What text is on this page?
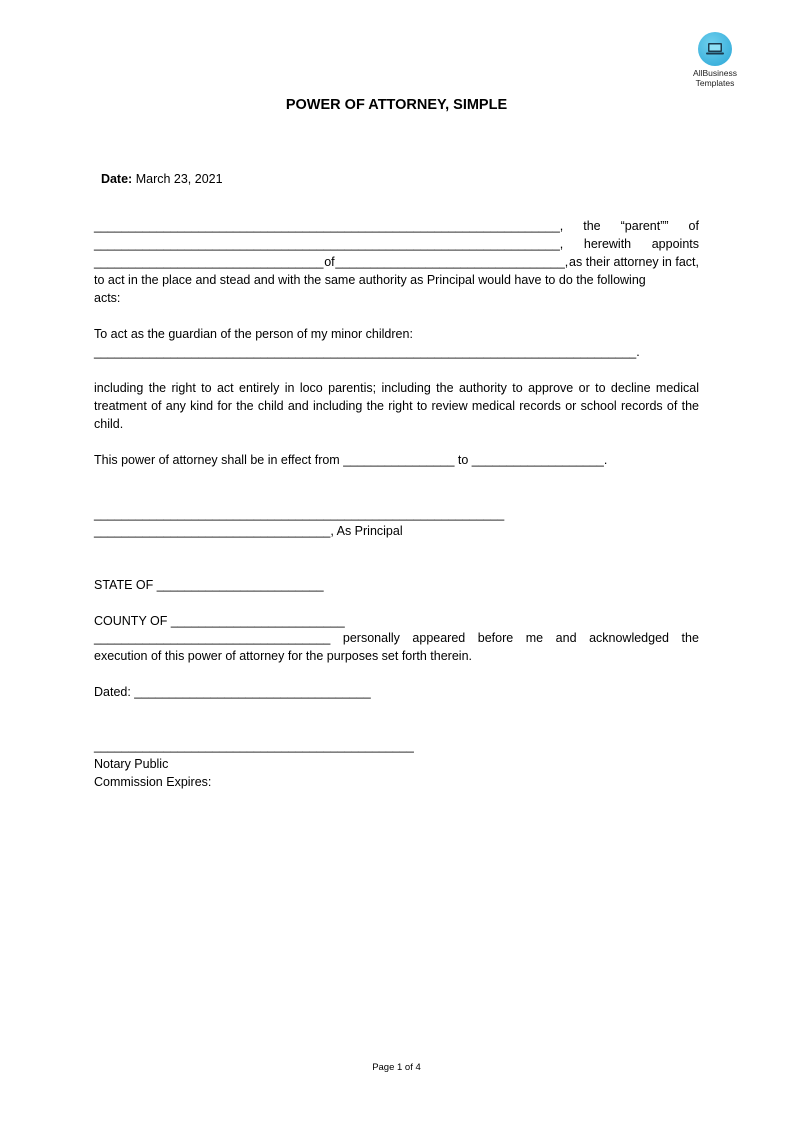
AllBusiness
Templates
POWER OF ATTORNEY, SIMPLE

Date: March 23, 2021

___________________________________________________________________, the “parent”” of
___________________________________________________________________, herewith appoints
_________________________________ of _________________________________, as their attorney in fact,
to act in the place and stead and with the same authority as Principal would have to do the following
acts:
To act as the guardian of the person of my minor children:
______________________________________________________________________________.
including the right to act entirely in loco parentis; including the authority to approve or to decline medical treatment of any kind for the child and including the right to review medical records or school records of the child.
This power of attorney shall be in effect from ________________ to ___________________.
___________________________________________________________
__________________________________, As Principal
STATE OF ________________________
COUNTY OF _________________________
__________________________________ personally appeared before me and acknowledged the
execution of this power of attorney for the purposes set forth therein.
Dated: __________________________________
______________________________________________
Notary Public
Commission Expires:
Page 1 of 4
